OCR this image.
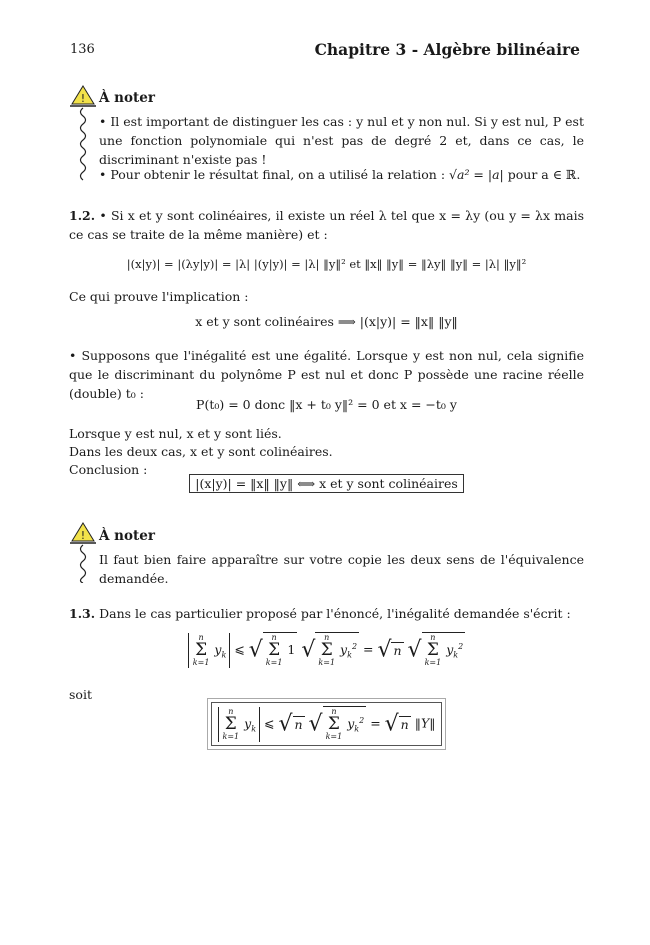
136	Chapitre 3 - Algèbre bilinéaire
! À noter
• Il est important de distinguer les cas : y nul et y non nul. Si y est nul, P est une fonction polynomiale qui n'est pas de degré 2 et, dans ce cas, le discriminant n'existe pas !
• Pour obtenir le résultat final, on a utilisé la relation : √a² = |a| pour a ∈ ℝ.
1.2. • Si x et y sont colinéaires, il existe un réel λ tel que x = λy (ou y = λx mais ce cas se traite de la même manière) et :
|(x|y)| = |(λy|y)| = |λ| |(y|y)| = |λ| ‖y‖² et ‖x‖ ‖y‖ = ‖λy‖ ‖y‖ = |λ| ‖y‖²
Ce qui prouve l'implication :
x et y sont colinéaires ⟹ |(x|y)| = ‖x‖ ‖y‖
• Supposons que l'inégalité est une égalité. Lorsque y est non nul, cela signifie que le discriminant du polynôme P est nul et donc P possède une racine réelle (double) t₀ :
P(t₀) = 0 donc ‖x + t₀ y‖² = 0 et x = −t₀ y
Lorsque y est nul, x et y sont liés.
Dans les deux cas, x et y sont colinéaires.
Conclusion :
|(x|y)| = ‖x‖ ‖y‖ ⟺ x et y sont colinéaires
! À noter
Il faut bien faire apparaître sur votre copie les deux sens de l'équivalence demandée.
1.3. Dans le cas particulier proposé par l'énoncé, l'inégalité demandée s'écrit :
n
Σ
k=1
$y_k$ ⩽ √ n
Σ
k=1
1 √ n
Σ
k=1
$y_k^2$ = √ n √ n
Σ
k=1
$y_k^2$
soit
n
Σ
k=1
$y_k$ ⩽ √ n √ n
Σ
k=1
$y_k^2$ = √ n ‖Y‖
